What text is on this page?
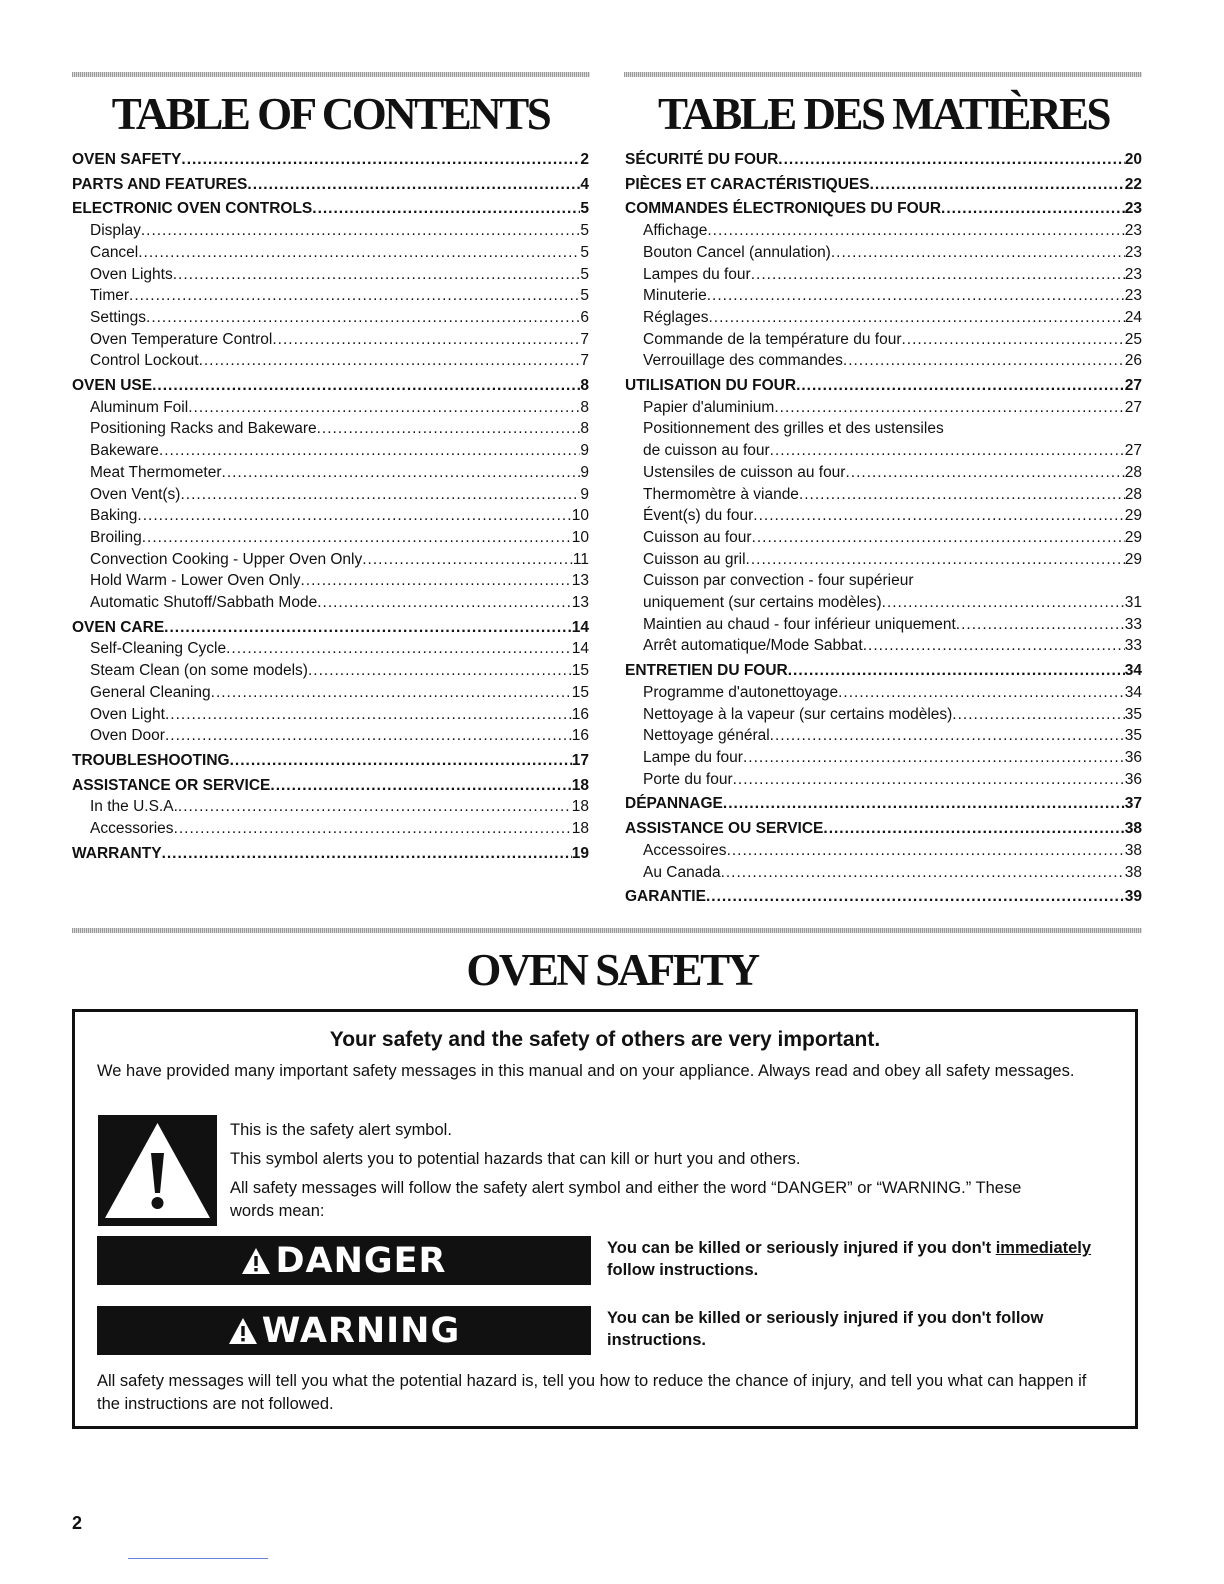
TABLE OF CONTENTS
OVEN SAFETY .....	2
PARTS AND FEATURES .....	4
ELECTRONIC OVEN CONTROLS .....	5
Display .....	5
Cancel .....	5
Oven Lights .....	5
Timer .....	5
Settings .....	6
Oven Temperature Control .....	7
Control Lockout .....	7
OVEN USE .....	8
Aluminum Foil .....	8
Positioning Racks and Bakeware .....	8
Bakeware .....	9
Meat Thermometer .....	9
Oven Vent(s) .....	9
Baking .....	10
Broiling .....	10
Convection Cooking - Upper Oven Only .....	11
Hold Warm - Lower Oven Only .....	13
Automatic Shutoff/Sabbath Mode .....	13
OVEN CARE .....	14
Self-Cleaning Cycle .....	14
Steam Clean (on some models) .....	15
General Cleaning .....	15
Oven Light .....	16
Oven Door .....	16
TROUBLESHOOTING .....	17
ASSISTANCE OR SERVICE .....	18
In the U.S.A. .....	18
Accessories .....	18
WARRANTY .....	19
TABLE DES MATIÈRES
SÉCURITÉ DU FOUR .....	20
PIÈCES ET CARACTÉRISTIQUES .....	22
COMMANDES ÉLECTRONIQUES DU FOUR .....	23
Affichage .....	23
Bouton Cancel (annulation) .....	23
Lampes du four .....	23
Minuterie .....	23
Réglages .....	24
Commande de la température du four .....	25
Verrouillage des commandes .....	26
UTILISATION DU FOUR .....	27
Papier d'aluminium .....	27
Positionnement des grilles et des ustensiles
de cuisson au four .....	27
Ustensiles de cuisson au four .....	28
Thermomètre à viande .....	28
Évent(s) du four .....	29
Cuisson au four .....	29
Cuisson au gril .....	29
Cuisson par convection - four supérieur
uniquement (sur certains modèles) .....	31
Maintien au chaud - four inférieur uniquement .....	33
Arrêt automatique/Mode Sabbat .....	33
ENTRETIEN DU FOUR .....	34
Programme d'autonettoyage .....	34
Nettoyage à la vapeur (sur certains modèles) .....	35
Nettoyage général .....	35
Lampe du four .....	36
Porte du four .....	36
DÉPANNAGE .....	37
ASSISTANCE OU SERVICE .....	38
Accessoires .....	38
Au Canada .....	38
GARANTIE .....	39
OVEN SAFETY
Your safety and the safety of others are very important.
We have provided many important safety messages in this manual and on your appliance. Always read and obey all safety messages.
This is the safety alert symbol.
This symbol alerts you to potential hazards that can kill or hurt you and others.
All safety messages will follow the safety alert symbol and either the word “DANGER” or “WARNING.” These words mean:
DANGER	You can be killed or seriously injured if you don't immediately
follow instructions.
WARNING	You can be killed or seriously injured if you don't follow instructions.
All safety messages will tell you what the potential hazard is, tell you how to reduce the chance of injury, and tell you what can happen if the instructions are not followed.
2
